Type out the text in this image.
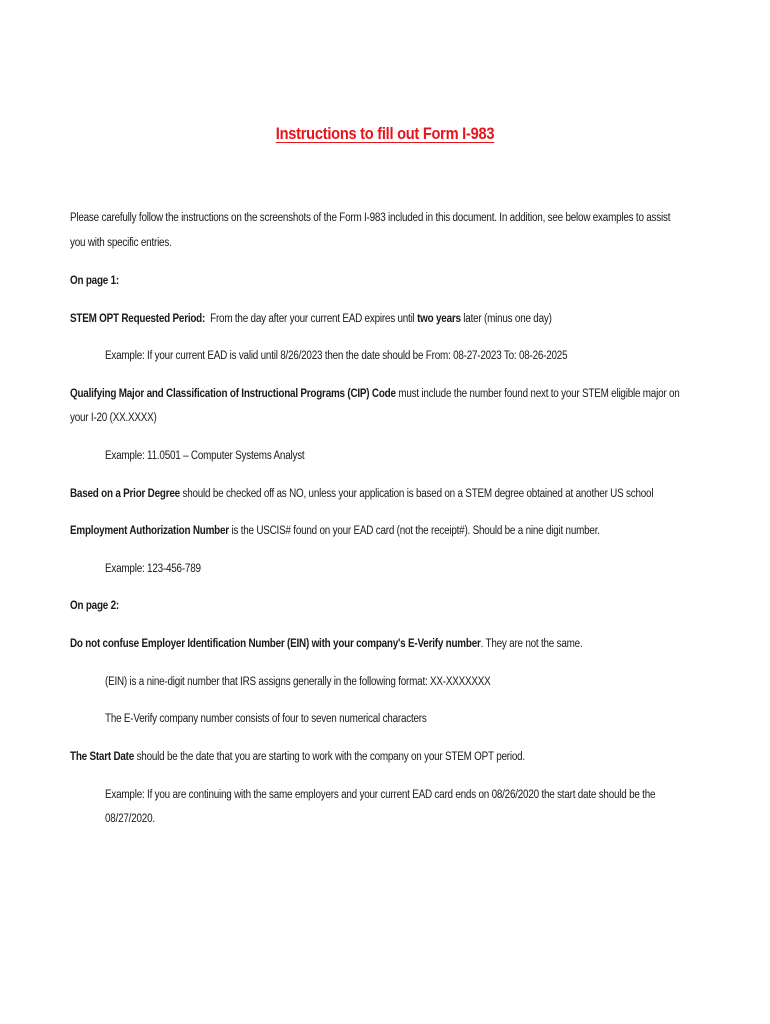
Instructions to fill out Form I-983
Please carefully follow the instructions on the screenshots of the Form I-983 included in this document. In addition, see below examples to assist
you with specific entries.
On page 1:
STEM OPT Requested Period:  From the day after your current EAD expires until two years later (minus one day)
Example: If your current EAD is valid until 8/26/2023 then the date should be From: 08-27-2023 To: 08-26-2025
Qualifying Major and Classification of Instructional Programs (CIP) Code must include the number found next to your STEM eligible major on
your I-20 (XX.XXXX)
Example: 11.0501 – Computer Systems Analyst
Based on a Prior Degree should be checked off as NO, unless your application is based on a STEM degree obtained at another US school
Employment Authorization Number is the USCIS# found on your EAD card (not the receipt#). Should be a nine digit number.
Example: 123-456-789
On page 2:
Do not confuse Employer Identification Number (EIN) with your company's E-Verify number. They are not the same.
(EIN) is a nine-digit number that IRS assigns generally in the following format: XX-XXXXXXX
The E-Verify company number consists of four to seven numerical characters
The Start Date should be the date that you are starting to work with the company on your STEM OPT period.
Example: If you are continuing with the same employers and your current EAD card ends on 08/26/2020 the start date should be the
08/27/2020.
